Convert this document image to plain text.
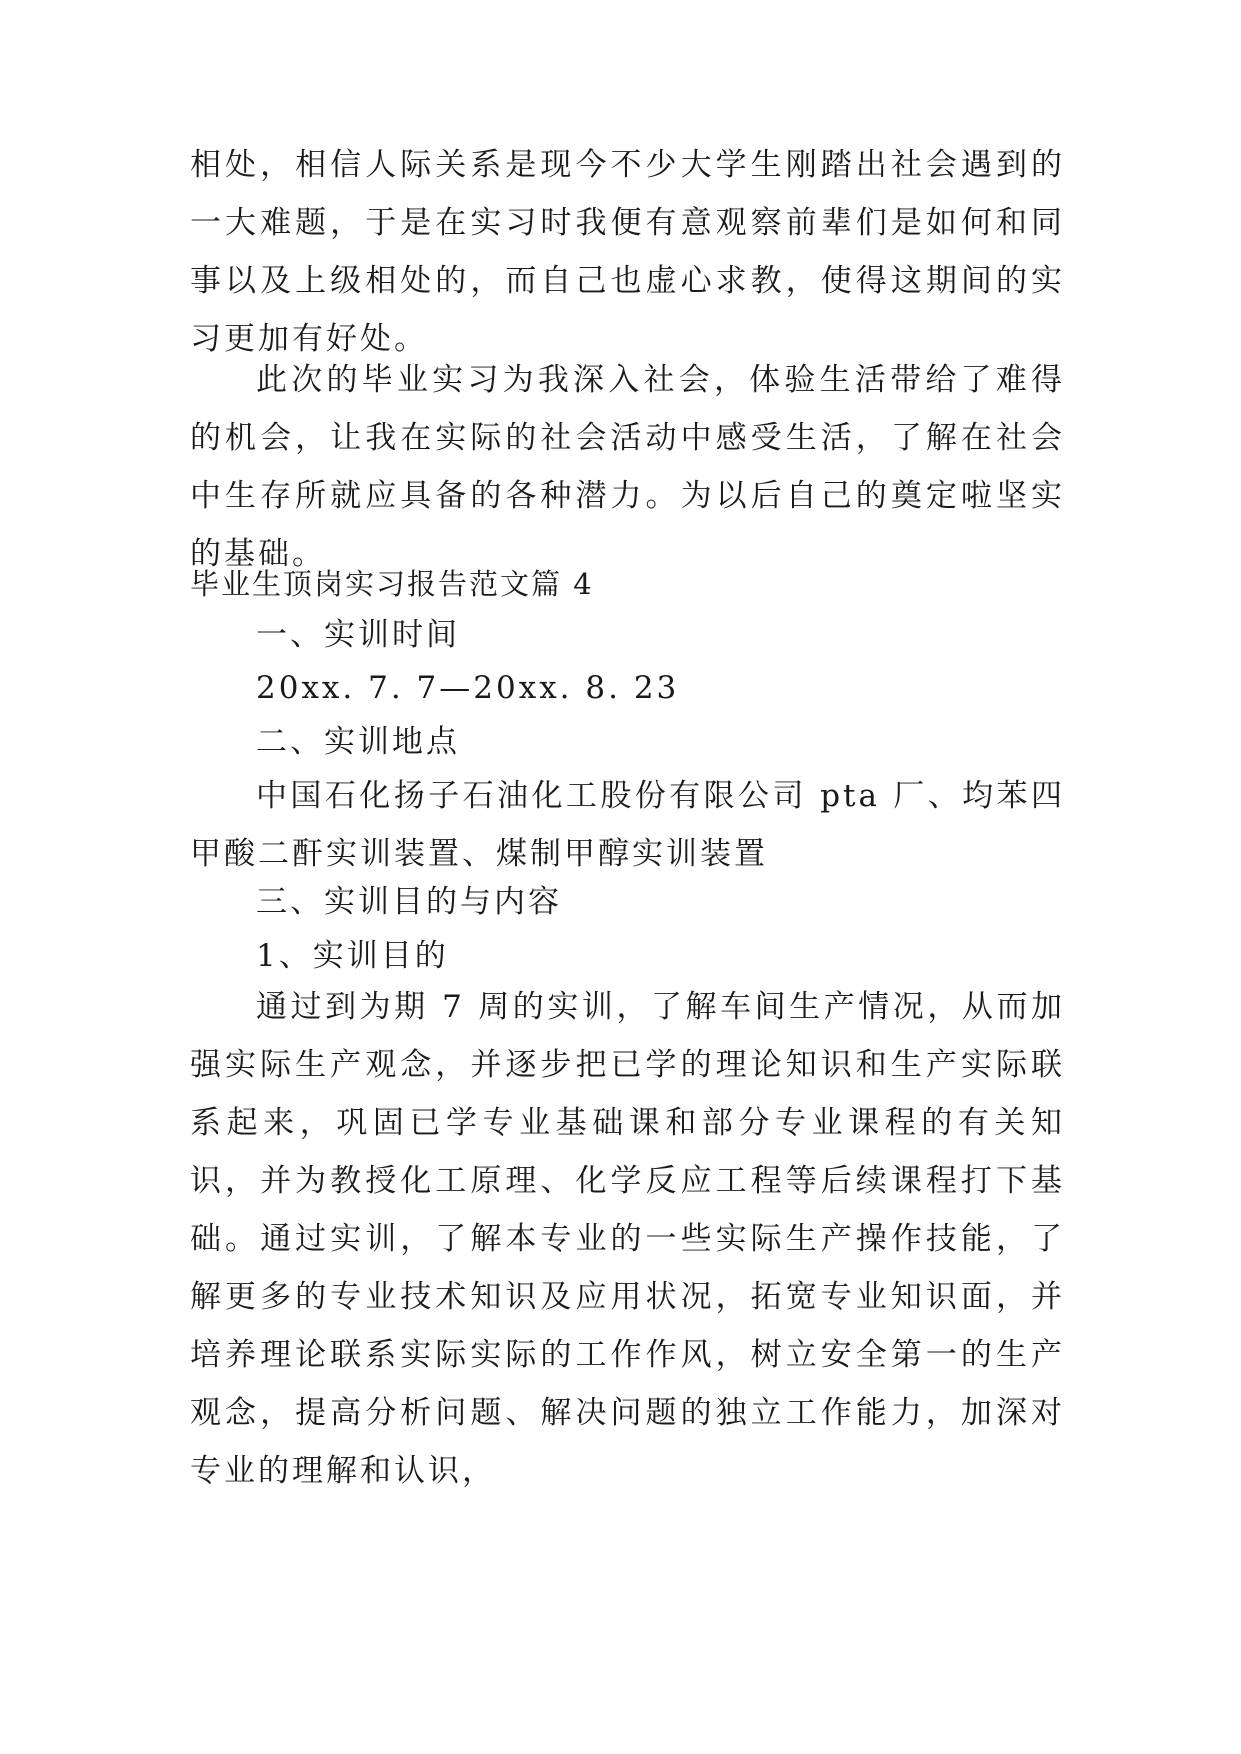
相处，相信人际关系是现今不少大学生刚踏出社会遇到的一大难题，于是在实习时我便有意观察前辈们是如何和同事以及上级相处的，而自己也虚心求教，使得这期间的实习更加有好处。

此次的毕业实习为我深入社会，体验生活带给了难得的机会，让我在实际的社会活动中感受生活，了解在社会中生存所就应具备的各种潜力。为以后自己的奠定啦坚实的基础。

毕业生顶岗实习报告范文篇 4

一、实训时间

20xx. 7. 7—20xx. 8. 23

二、实训地点

中国石化扬子石油化工股份有限公司 pta 厂、均苯四甲酸二酐实训装置、煤制甲醇实训装置

三、实训目的与内容

1、实训目的

通过到为期 7 周的实训，了解车间生产情况，从而加强实际生产观念，并逐步把已学的理论知识和生产实际联系起来，巩固已学专业基础课和部分专业课程的有关知识，并为教授化工原理、化学反应工程等后续课程打下基础。通过实训，了解本专业的一些实际生产操作技能，了解更多的专业技术知识及应用状况，拓宽专业知识面，并培养理论联系实际实际的工作作风，树立安全第一的生产观念，提高分析问题、解决问题的独立工作能力，加深对专业的理解和认识，
